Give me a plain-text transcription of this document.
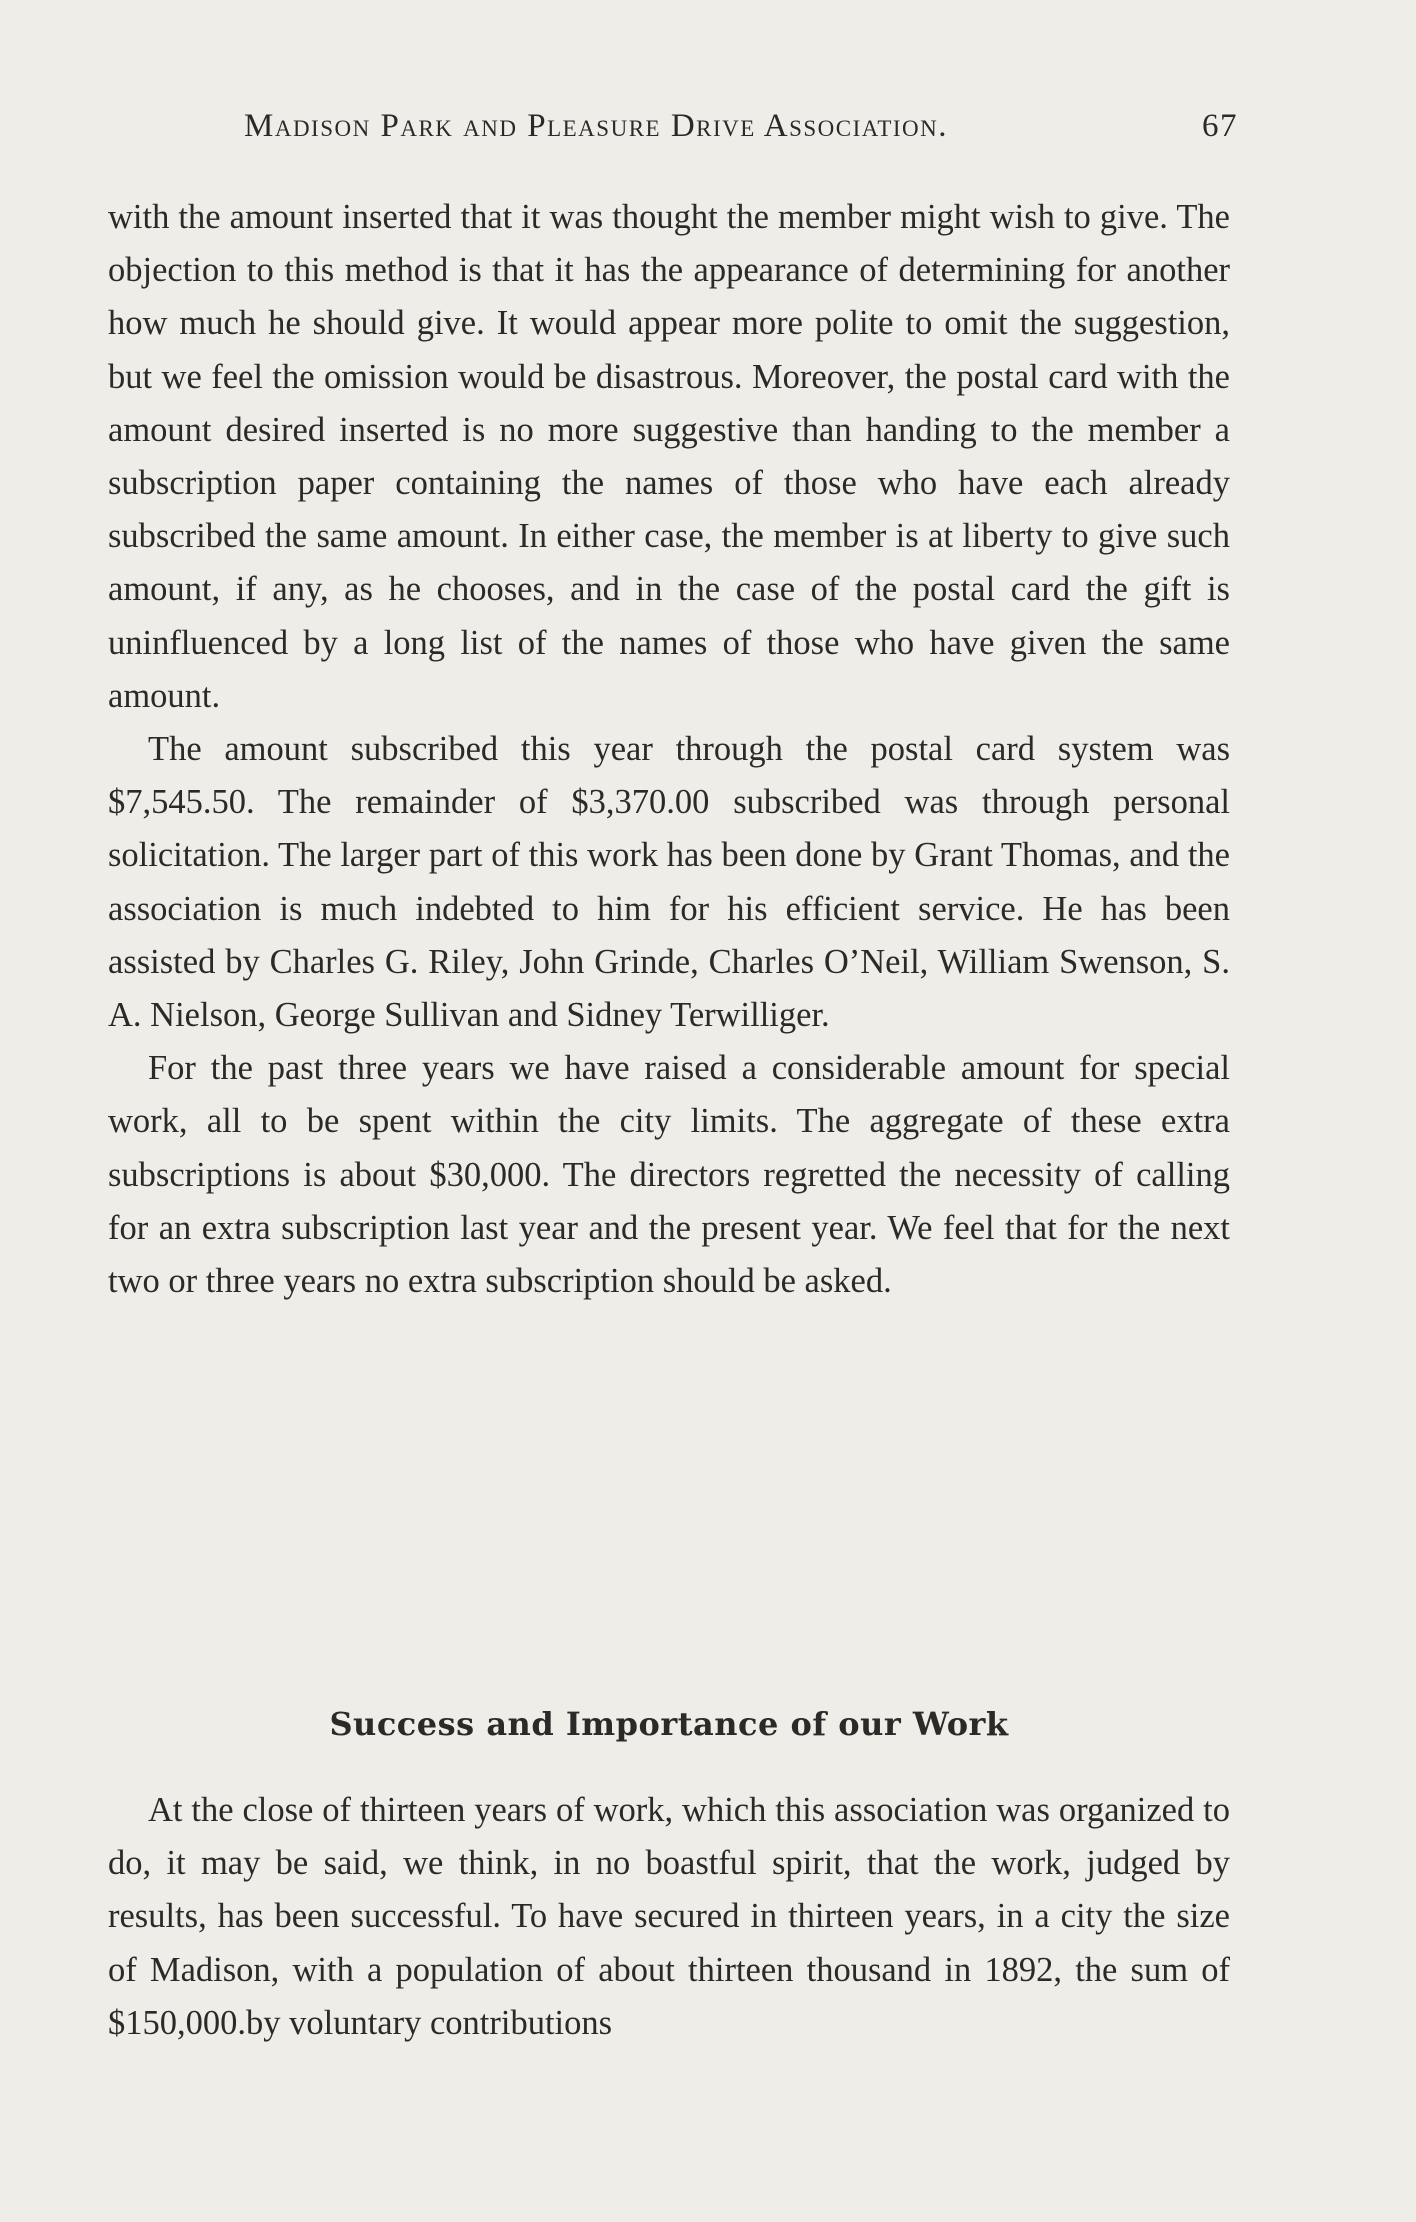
Madison Park and Pleasure Drive Association.	67

with the amount inserted that it was thought the member might wish to give. The objection to this method is that it has the appearance of determining for another how much he should give. It would appear more polite to omit the suggestion, but we feel the omission would be disastrous. Moreover, the postal card with the amount desired inserted is no more suggestive than handing to the member a subscription paper containing the names of those who have each already subscribed the same amount. In either case, the member is at liberty to give such amount, if any, as he chooses, and in the case of the postal card the gift is uninfluenced by a long list of the names of those who have given the same amount.

The amount subscribed this year through the postal card system was $7,545.50. The remainder of $3,370.00 subscribed was through personal solicitation. The larger part of this work has been done by Grant Thomas, and the association is much indebted to him for his efficient service. He has been assisted by Charles G. Riley, John Grinde, Charles O’Neil, William Swenson, S. A. Nielson, George Sullivan and Sidney Terwilliger.

For the past three years we have raised a considerable amount for special work, all to be spent within the city limits. The aggregate of these extra subscriptions is about $30,000. The directors regretted the necessity of calling for an extra subscription last year and the present year. We feel that for the next two or three years no extra subscription should be asked.

Success and Importance of our Work

At the close of thirteen years of work, which this association was organized to do, it may be said, we think, in no boastful spirit, that the work, judged by results, has been successful. To have secured in thirteen years, in a city the size of Madison, with a population of about thirteen thousand in 1892, the sum of $150,000.by voluntary contributions
